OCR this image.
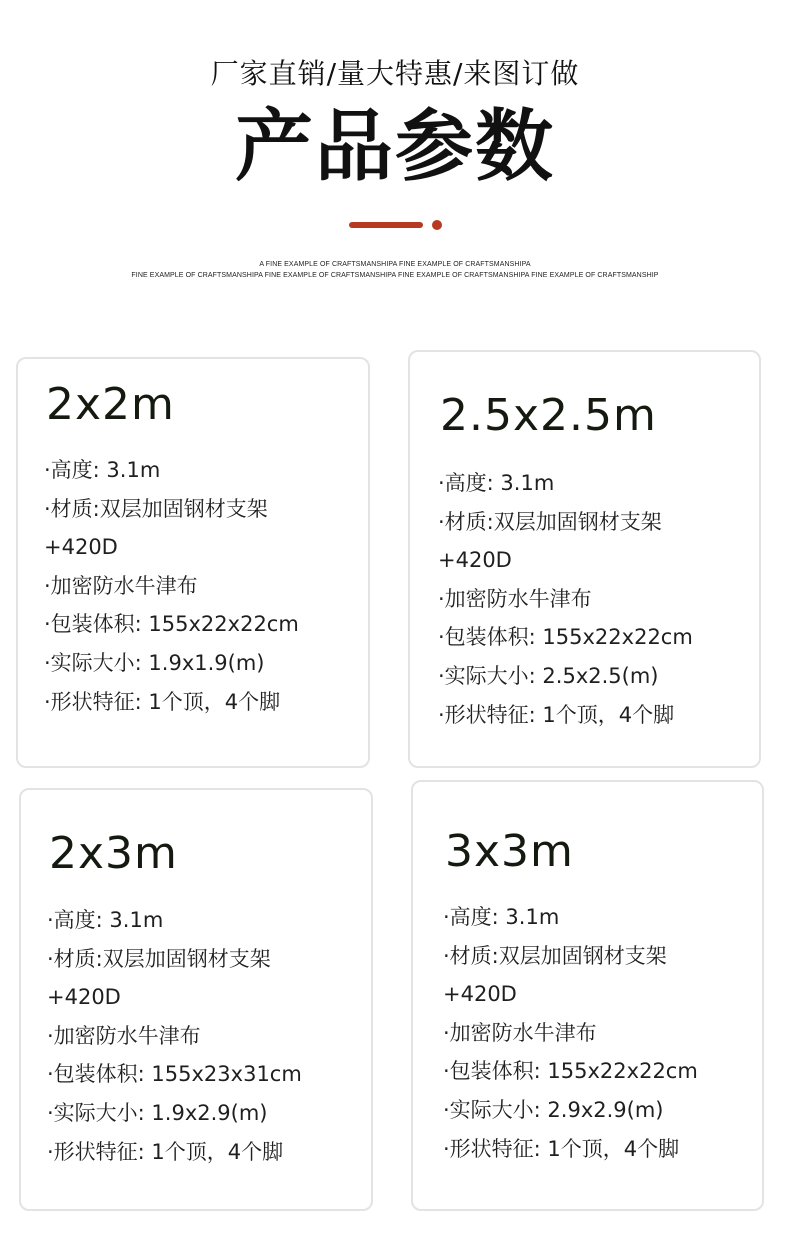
厂家直销/量大特惠/来图订做
产品参数
A FINE EXAMPLE OF CRAFTSMANSHIPA FINE EXAMPLE OF CRAFTSMANSHIPA
FINE EXAMPLE OF CRAFTSMANSHIPA FINE EXAMPLE OF CRAFTSMANSHIPA FINE EXAMPLE OF CRAFTSMANSHIPA FINE EXAMPLE OF CRAFTSMANSHIP
2x2m
·高度: 3.1m
·材质:双层加固钢材支架
+420D
·加密防水牛津布
·包装体积: 155x22x22cm
·实际大小: 1.9x1.9(m)
·形状特征: 1个顶，4个脚
2.5x2.5m
·高度: 3.1m
·材质:双层加固钢材支架
+420D
·加密防水牛津布
·包装体积: 155x22x22cm
·实际大小: 2.5x2.5(m)
·形状特征: 1个顶，4个脚
2x3m
·高度: 3.1m
·材质:双层加固钢材支架
+420D
·加密防水牛津布
·包装体积: 155x23x31cm
·实际大小: 1.9x2.9(m)
·形状特征: 1个顶，4个脚
3x3m
·高度: 3.1m
·材质:双层加固钢材支架
+420D
·加密防水牛津布
·包装体积: 155x22x22cm
·实际大小: 2.9x2.9(m)
·形状特征: 1个顶，4个脚
